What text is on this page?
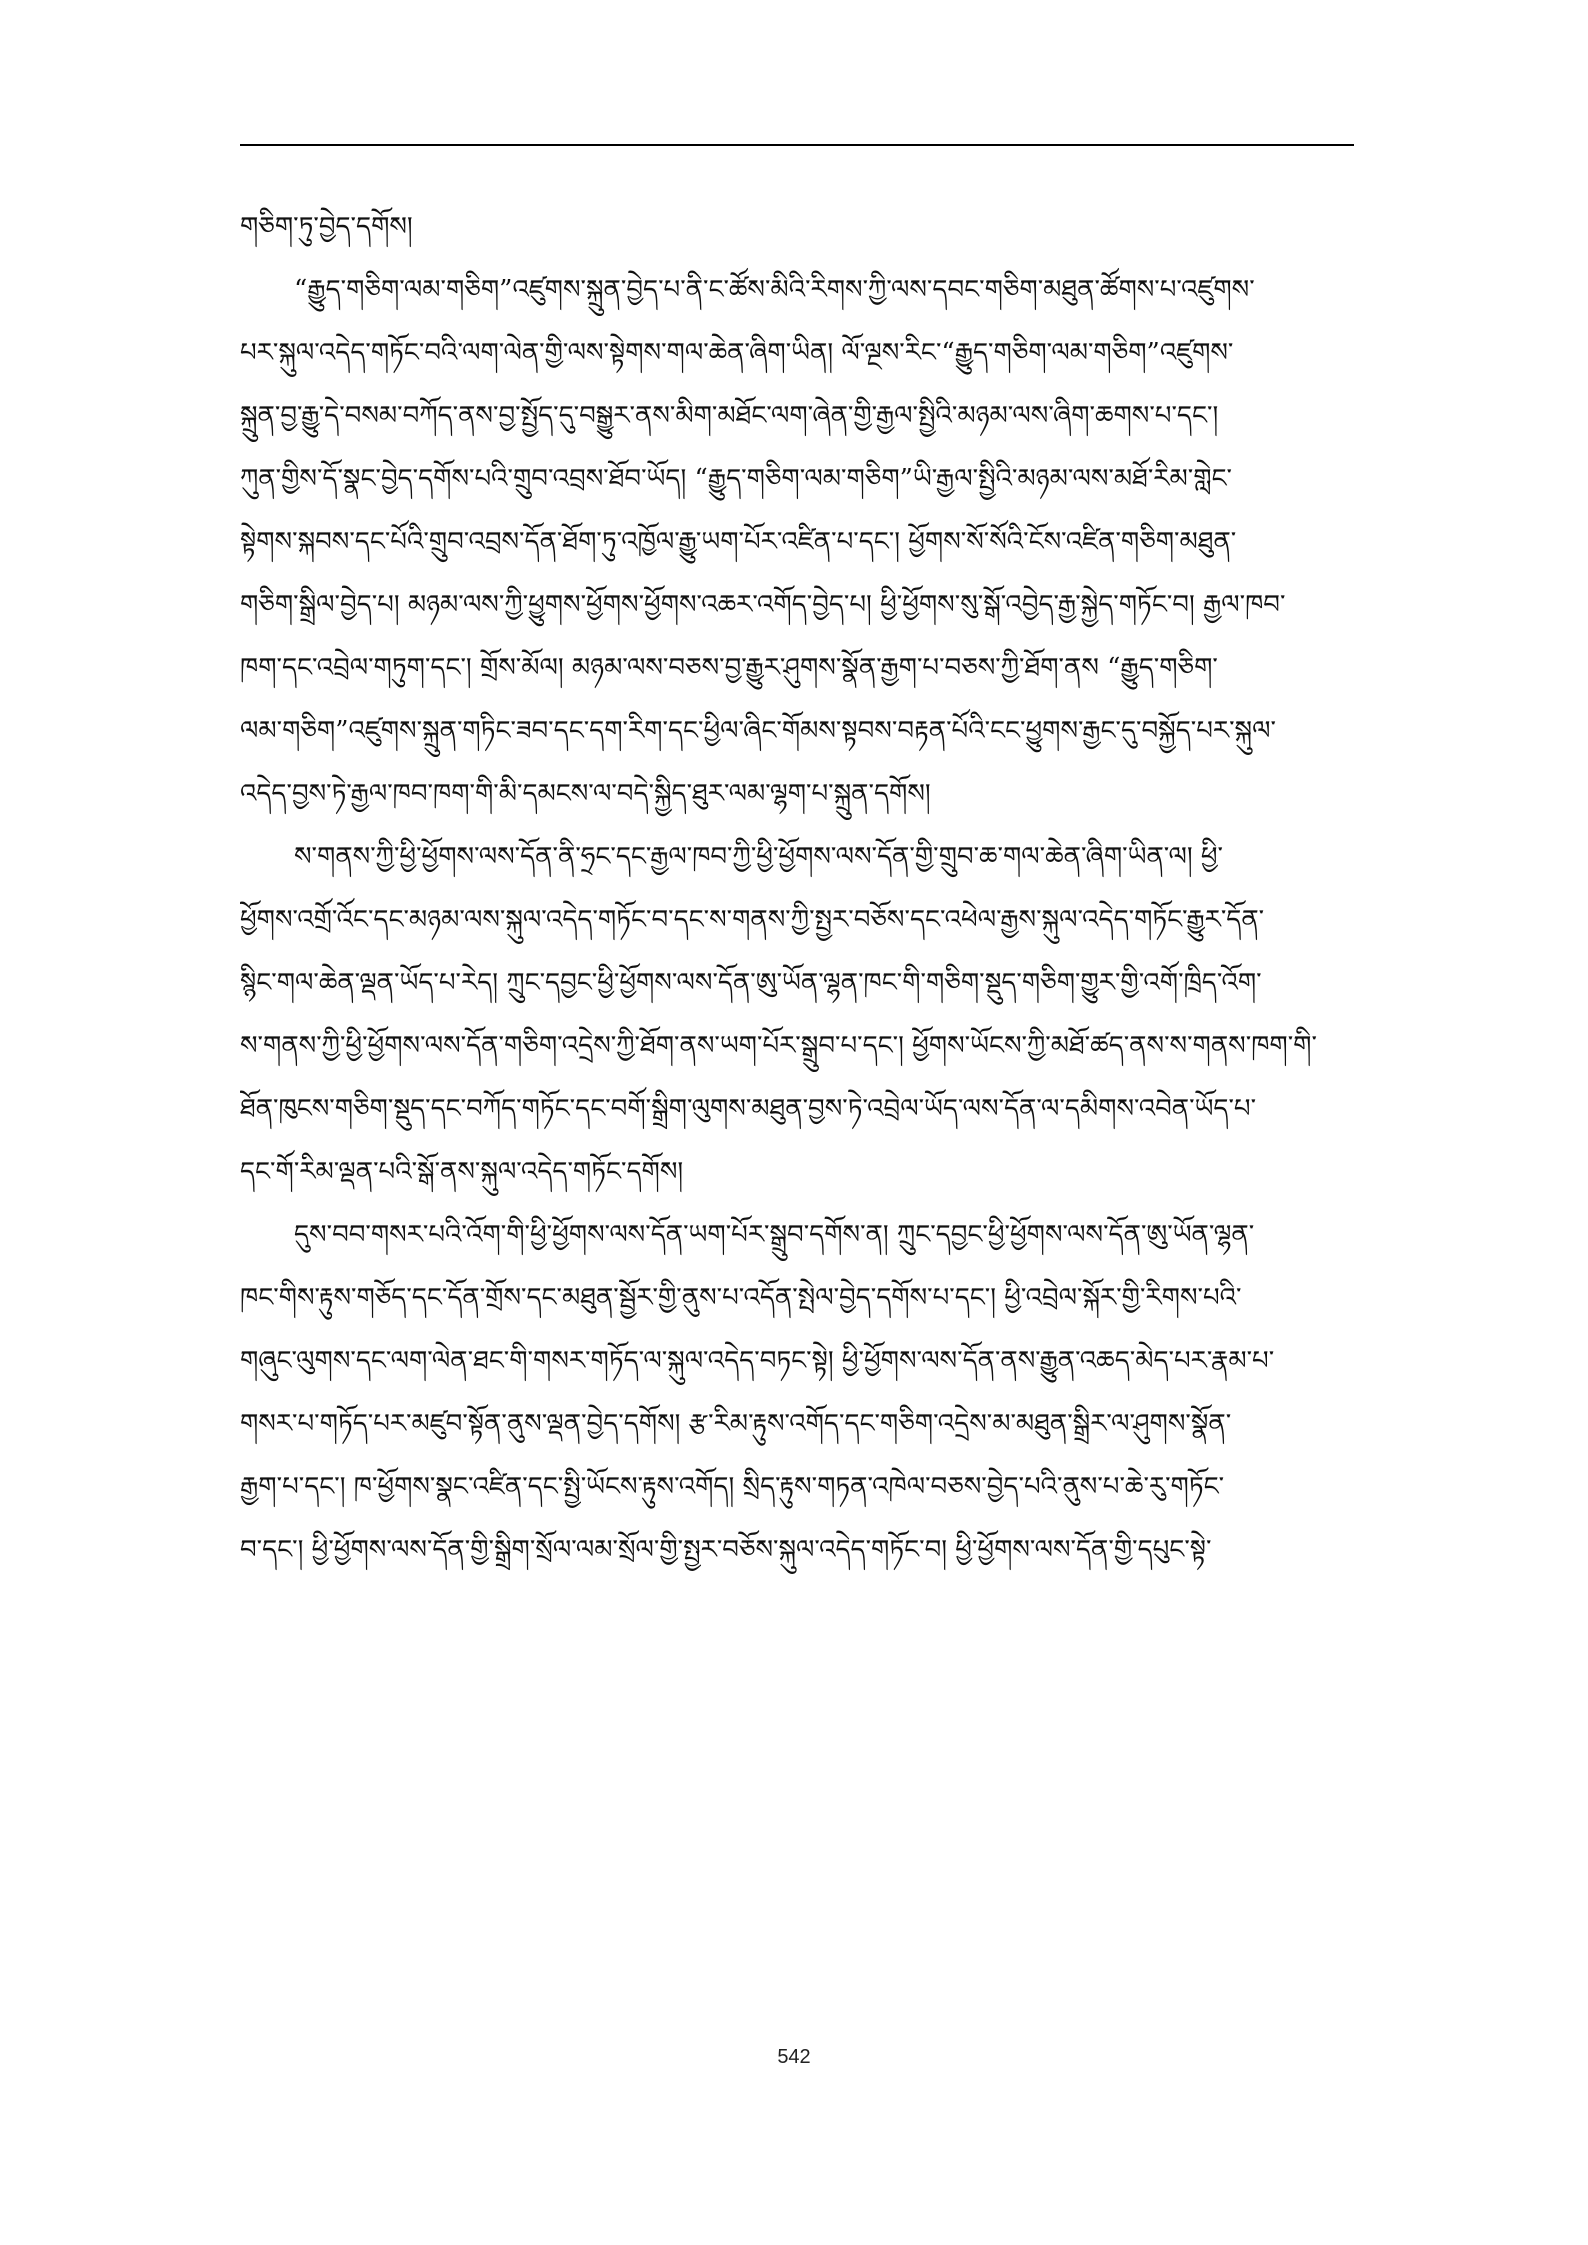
གཅིག་ཏུ་བྱེད་དགོས།
“རྒྱུད་གཅིག་ལམ་གཅིག”འཛུགས་སྐྲུན་བྱེད་པ་ནི་ང་ཚོས་མིའི་རིགས་ཀྱི་ལས་དབང་གཅིག་མཐུན་ཚོགས་པ་འཛུགས་
པར་སྐུལ་འདེད་གཏོང་བའི་ལག་ལེན་གྱི་ལས་སྟེགས་གལ་ཆེན་ཞིག་ཡིན། ལོ་ལྔས་རིང་“རྒྱུད་གཅིག་ལམ་གཅིག”འཛུགས་
སྐྲུན་བྱ་རྒྱུ་དེ་བསམ་བཀོད་ནས་བྱ་སྤྱོད་དུ་བསྒྱུར་ནས་མིག་མཐོང་ལག་ཞེན་གྱི་རྒྱལ་སྤྱིའི་མཉམ་ལས་ཞིག་ཆགས་པ་དང་།
ཀུན་གྱིས་དོ་སྣང་བྱེད་དགོས་པའི་གྲུབ་འབྲས་ཐོབ་ཡོད། “རྒྱུད་གཅིག་ལམ་གཅིག”ཡི་རྒྱལ་སྤྱིའི་མཉམ་ལས་མཐོ་རིམ་གླེང་
སྟེགས་སྐབས་དང་པོའི་གྲུབ་འབྲས་དོན་ཐོག་ཏུ་འཁྱོལ་རྒྱུ་ཡག་པོར་འཛིན་པ་དང་། ཕྱོགས་སོ་སོའི་ངོས་འཛིན་གཅིག་མཐུན་
གཅིག་སྒྲིལ་བྱེད་པ། མཉམ་ལས་ཀྱི་ཕྱུགས་ཕྱོགས་ཕྱོགས་འཆར་འགོད་བྱེད་པ། ཕྱི་ཕྱོགས་སུ་སྒོ་འབྱེད་རྒྱ་སྐྱེད་གཏོང་བ། རྒྱལ་ཁབ་
ཁག་དང་འབྲེལ་གཏུག་དང་། གྲོས་མོལ། མཉམ་ལས་བཅས་བྱ་རྒྱུར་ཤུགས་སྣོན་རྒྱག་པ་བཅས་ཀྱི་ཐོག་ནས “རྒྱུད་གཅིག་
ལམ་གཅིག”འཛུགས་སྐྲུན་གཏིང་ཟབ་དང་དག་རིག་དང་ཕྱིལ་ཞིང་གོམས་སྟབས་བརྟན་པོའི་ངང་ཕྱུགས་རྒྱང་དུ་བསྐྱོད་པར་སྐུལ་
འདེད་བྱས་ཏེ་རྒྱལ་ཁབ་ཁག་གི་མི་དམངས་ལ་བདེ་སྐྱིད་ཐུར་ལམ་ལྷག་པ་སྐྲུན་དགོས།
ས་གནས་ཀྱི་ཕྱི་ཕྱོགས་ལས་དོན་ནི་ཧྲང་དང་རྒྱལ་ཁབ་ཀྱི་ཕྱི་ཕྱོགས་ལས་དོན་གྱི་གྲུབ་ཆ་གལ་ཆེན་ཞིག་ཡིན་ལ། ཕྱི་
ཕྱོགས་འགྲོ་འོང་དང་མཉམ་ལས་སྐུལ་འདེད་གཏོང་བ་དང་ས་གནས་ཀྱི་སྤྱར་བཅོས་དང་འཕེལ་རྒྱས་སྐུལ་འདེད་གཏོང་རྒྱུར་དོན་
སྙིང་གལ་ཆེན་ལྡན་ཡོད་པ་རེད། ཀྲུང་དབྱང་ཕྱི་ཕྱོགས་ལས་དོན་ཨུ་ཡོན་ལྷན་ཁང་གི་གཅིག་སྡུད་གཅིག་གྱུར་གྱི་འགོ་ཁྲིད་འོག་
ས་གནས་ཀྱི་ཕྱི་ཕྱོགས་ལས་དོན་གཅིག་འདྲེས་ཀྱི་ཐོག་ནས་ཡག་པོར་སྒྲུབ་པ་དང་། ཕྱོགས་ཡོངས་ཀྱི་མཐོ་ཚད་ནས་ས་གནས་ཁག་གི་
ཐོན་ཁུངས་གཅིག་སྡུད་དང་བཀོད་གཏོང་དང་བགོ་སྒྲིག་ལུགས་མཐུན་བྱས་ཏེ་འབྲེལ་ཡོད་ལས་དོན་ལ་དམིགས་འབེན་ཡོད་པ་
དང་གོ་རིམ་ལྡན་པའི་སྒོ་ནས་སྐུལ་འདེད་གཏོང་དགོས།
དུས་བབ་གསར་པའི་འོག་གི་ཕྱི་ཕྱོགས་ལས་དོན་ཡག་པོར་སྒྲུབ་དགོས་ན། ཀྲུང་དབྱང་ཕྱི་ཕྱོགས་ལས་དོན་ཨུ་ཡོན་ལྷན་
ཁང་གིས་རྟུས་གཅོད་དང་དོན་གྲོས་དང་མཐུན་སྦྱོར་གྱི་ནུས་པ་འདོན་སྤེལ་བྱེད་དགོས་པ་དང་། ཕྱི་འབྲེལ་སྐོར་གྱི་རིགས་པའི་
གཞུང་ལུགས་དང་ལག་ལེན་ཐང་གི་གསར་གཏོད་ལ་སྐུལ་འདེད་བཏང་སྟེ། ཕྱི་ཕྱོགས་ལས་དོན་ནས་རྒྱུན་འཆད་མེད་པར་རྣམ་པ་
གསར་པ་གཏོད་པར་མཛུབ་སྟོན་ནུས་ལྡན་བྱེད་དགོས། རྩ་རིམ་རྟུས་འགོད་དང་གཅིག་འདྲེས་མ་མཐུན་སྒྲིར་ལ་ཤུགས་སྣོན་
རྒྱག་པ་དང་། ཁ་ཕྱོགས་སྣང་འཛིན་དང་སྤྱི་ཡོངས་རྟུས་འགོད། སྲིད་རྟུས་གཏན་འཁེལ་བཅས་བྱེད་པའི་ནུས་པ་ཆེ་རུ་གཏོང་
བ་དང་། ཕྱི་ཕྱོགས་ལས་དོན་གྱི་སྒྲིག་སྲོལ་ལམ་སྲོལ་གྱི་སྤྱར་བཅོས་སྐུལ་འདེད་གཏོང་བ། ཕྱི་ཕྱོགས་ལས་དོན་གྱི་དཔུང་སྟེ་
542
